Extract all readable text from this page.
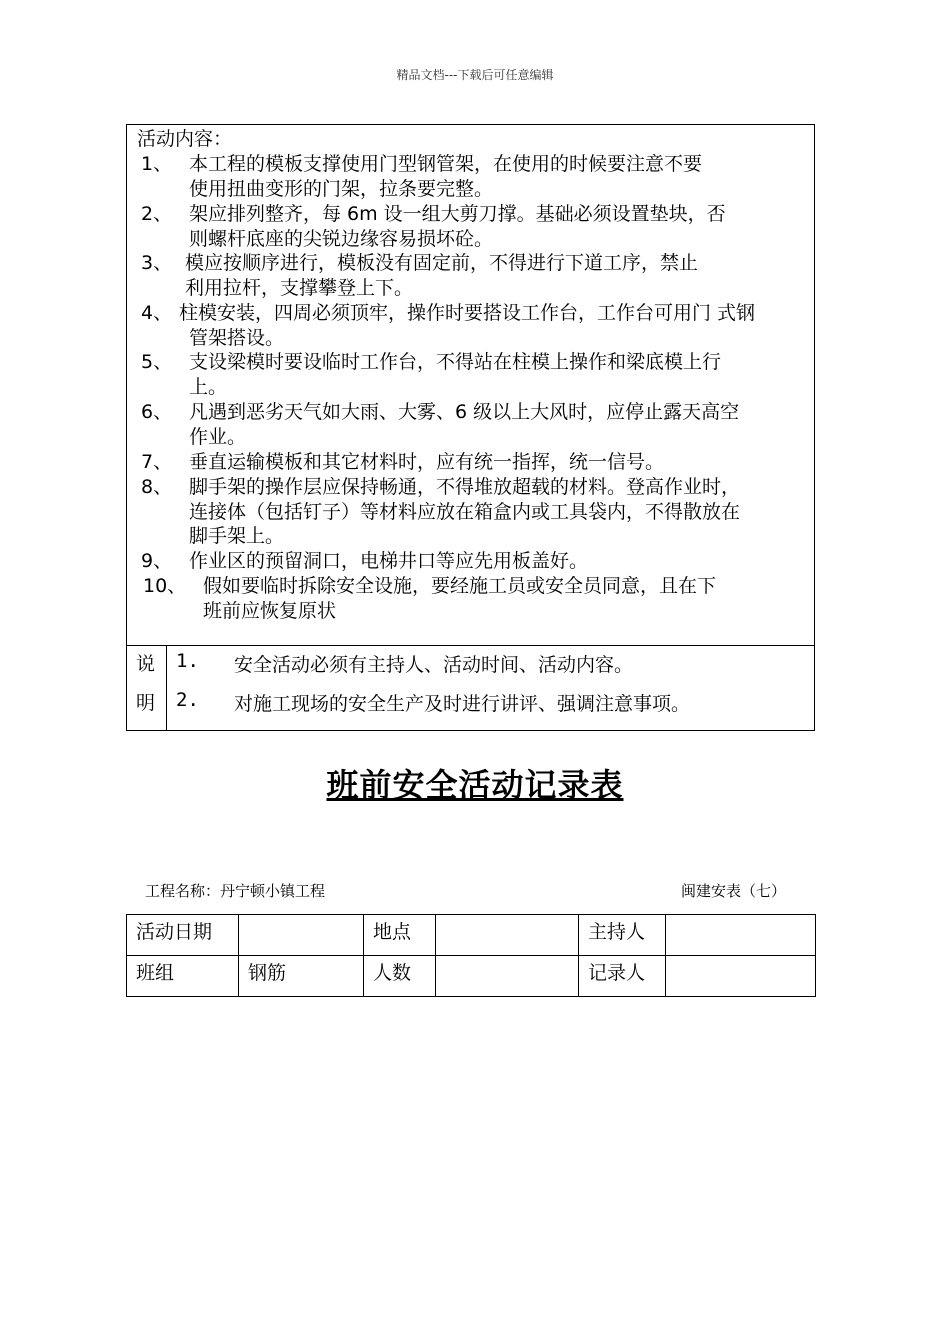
精品文档---下载后可任意编辑
活动内容：
1、 本工程的模板支撑使用门型钢管架，在使用的时候要注意不要
使用扭曲变形的门架，拉条要完整。
2、 架应排列整齐，每 6m 设一组大剪刀撑。基础必须设置垫块，否
则螺杆底座的尖锐边缘容易损坏砼。
3、 模应按顺序进行，模板没有固定前，不得进行下道工序，禁止
利用拉杆，支撑攀登上下。
4、 柱模安装，四周必须顶牢，操作时要搭设工作台，工作台可用门 式钢
管架搭设。
5、 支设梁模时要设临时工作台，不得站在柱模上操作和梁底模上行
上。
6、 凡遇到恶劣天气如大雨、大雾、6 级以上大风时，应停止露天高空
作业。
7、 垂直运输模板和其它材料时，应有统一指挥，统一信号。
8、 脚手架的操作层应保持畅通，不得堆放超载的材料。登高作业时，
连接体（包括钉子）等材料应放在箱盒内或工具袋内，不得散放在
脚手架上。
9、 作业区的预留洞口，电梯井口等应先用板盖好。
10、 假如要临时拆除安全设施，要经施工员或安全员同意，且在下
班前应恢复原状
说
明
1. 安全活动必须有主持人、活动时间、活动内容。
2. 对施工现场的安全生产及时进行讲评、强调注意事项。
班前安全活动记录表
工程名称：丹宁顿小镇工程	闽建安表（七）
活动日期		地点		主持人	
班组	钢筋	人数		记录人	
